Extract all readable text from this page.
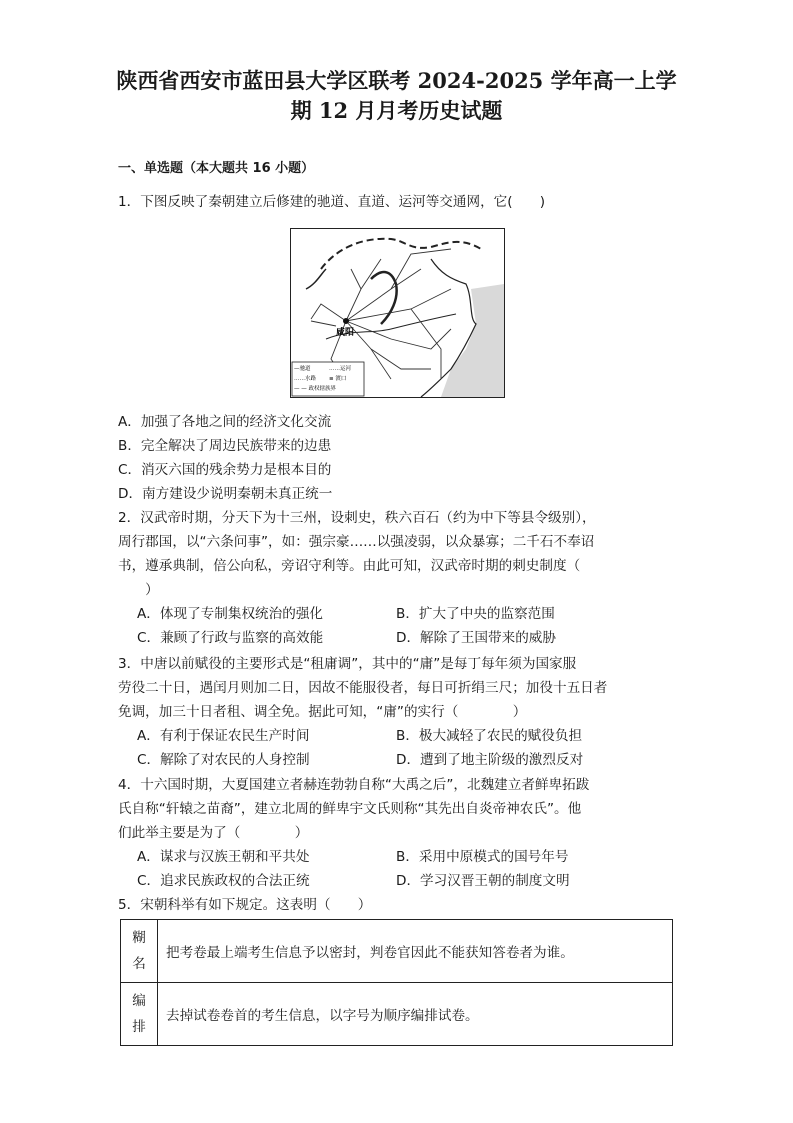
陕西省西安市蓝田县大学区联考 2024-2025 学年高一上学
期 12 月月考历史试题
一、单选题（本大题共 16 小题）
1．下图反映了秦朝建立后修建的驰道、直道、运河等交通网，它(　　)
咸阳
—驰道	……运河
……水路 ≡ 渡口
— — 政权辖族界
A．加强了各地之间的经济文化交流
B．完全解决了周边民族带来的边患
C．消灭六国的残余势力是根本目的
D．南方建设少说明秦朝未真正统一
2．汉武帝时期，分天下为十三州，设刺史，秩六百石（约为中下等县令级别），
周行郡国，以“六条问事”，如：强宗豪……以强凌弱，以众暴寡；二千石不奉诏
书，遵承典制，倍公向私，旁诏守利等。由此可知，汉武帝时期的刺史制度（
　　）
A．体现了专制集权统治的强化	B．扩大了中央的监察范围
C．兼顾了行政与监察的高效能	D．解除了王国带来的威胁
3．中唐以前赋役的主要形式是“租庸调”，其中的“庸”是每丁每年须为国家服
劳役二十日，遇闰月则加二日，因故不能服役者，每日可折绢三尺；加役十五日者
免调，加三十日者租、调全免。据此可知，“庸”的实行（　　　　）
A．有利于保证农民生产时间	B．极大减轻了农民的赋役负担
C．解除了对农民的人身控制	D．遭到了地主阶级的激烈反对
4．十六国时期，大夏国建立者赫连勃勃自称“大禹之后”，北魏建立者鲜卑拓跋
氏自称“轩辕之苗裔”，建立北周的鲜卑宇文氏则称“其先出自炎帝神农氏”。他
们此举主要是为了（　　　　）
A．谋求与汉族王朝和平共处	B．采用中原模式的国号年号
C．追求民族政权的合法正统	D．学习汉晋王朝的制度文明
5．宋朝科举有如下规定。这表明（　　）
糊名	把考卷最上端考生信息予以密封，判卷官因此不能获知答卷者为谁。

编排	去掉试卷卷首的考生信息，以字号为顺序编排试卷。
